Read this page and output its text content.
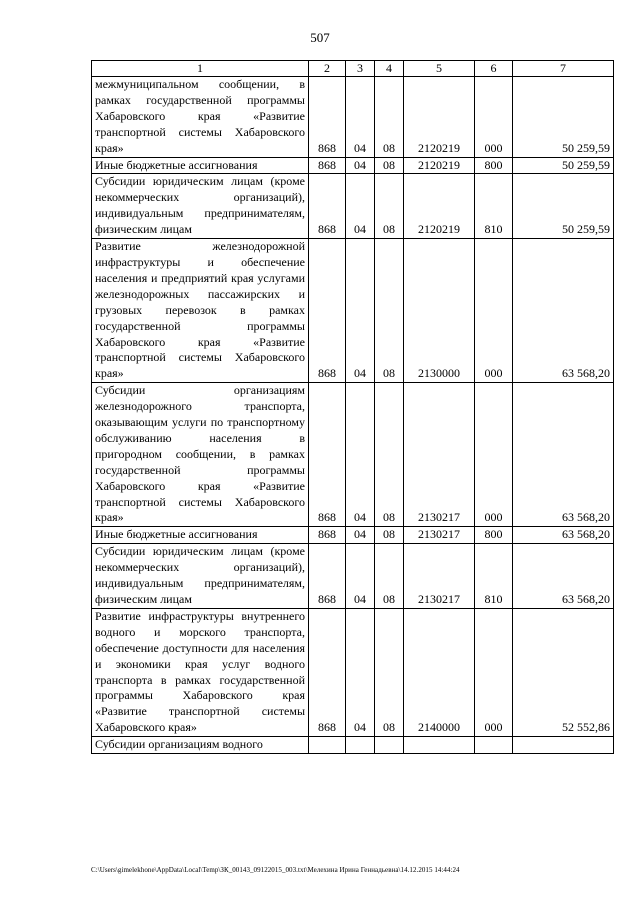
507
1	2	3	4	5	6	7

межмуниципальном сообщении, в рамках государственной программы Хабаровского края «Развитие транспортной системы Хабаровского края»	868	04	08	2120219	000	50 259,59

Иные бюджетные ассигнования	868	04	08	2120219	800	50 259,59

Субсидии юридическим лицам (кроме некоммерческих организаций), индивидуальным предпринимателям, физическим лицам	868	04	08	2120219	810	50 259,59

Развитие железнодорожной инфраструктуры и обеспечение населения и предприятий края услугами железнодорожных пассажирских и грузовых перевозок в рамках государственной программы Хабаровского края «Развитие транспортной системы Хабаровского края»	868	04	08	2130000	000	63 568,20

Субсидии организациям железнодорожного транспорта, оказывающим услуги по транспортному обслуживанию населения в пригородном сообщении, в рамках государственной программы Хабаровского края «Развитие транспортной системы Хабаровского края»	868	04	08	2130217	000	63 568,20

Иные бюджетные ассигнования	868	04	08	2130217	800	63 568,20

Субсидии юридическим лицам (кроме некоммерческих организаций), индивидуальным предпринимателям, физическим лицам	868	04	08	2130217	810	63 568,20

Развитие инфраструктуры внутреннего водного и морского транспорта, обеспечение доступности для населения и экономики края услуг водного транспорта в рамках государственной программы Хабаровского края «Развитие транспортной системы Хабаровского края»	868	04	08	2140000	000	52 552,86

Субсидии организациям водного						

C:\Users\gimelekhone\AppData\Local\Temp\ЗК_00143_09122015_003.txt\Мелехина Ирина Геннадьевна\14.12.2015 14:44:24
